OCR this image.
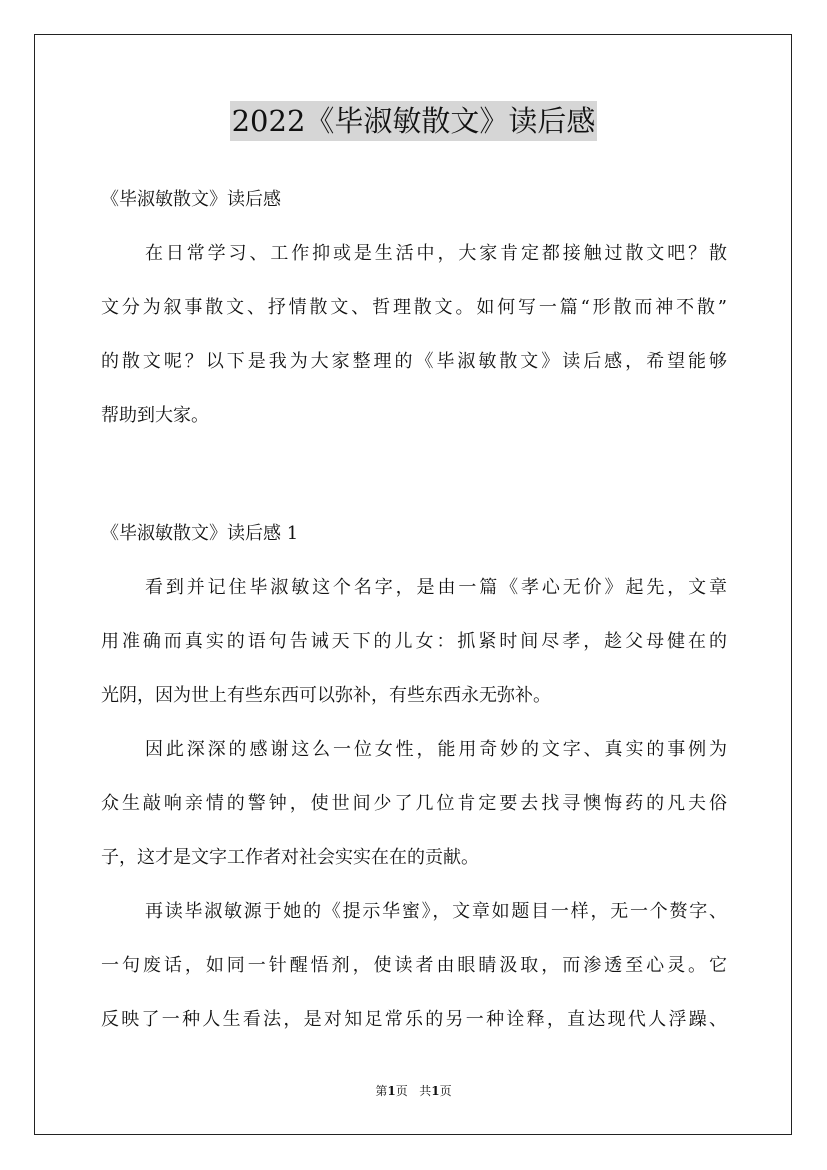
2022《毕淑敏散文》读后感
《毕淑敏散文》读后感
在日常学习、工作抑或是生活中，大家肯定都接触过散文吧？散
文分为叙事散文、抒情散文、哲理散文。如何写一篇“形散而神不散”
的散文呢？以下是我为大家整理的《毕淑敏散文》读后感，希望能够
帮助到大家。
《毕淑敏散文》读后感 1
看到并记住毕淑敏这个名字，是由一篇《孝心无价》起先，文章
用准确而真实的语句告诫天下的儿女：抓紧时间尽孝，趁父母健在的
光阴，因为世上有些东西可以弥补，有些东西永无弥补。
因此深深的感谢这么一位女性，能用奇妙的文字、真实的事例为
众生敲响亲情的警钟，使世间少了几位肯定要去找寻懊悔药的凡夫俗
子，这才是文字工作者对社会实实在在的贡献。
再读毕淑敏源于她的《提示华蜜》，文章如题目一样，无一个赘字、
一句废话，如同一针醒悟剂，使读者由眼睛汲取，而渗透至心灵。它
反映了一种人生看法，是对知足常乐的另一种诠释，直达现代人浮躁、
第1页 共1页
